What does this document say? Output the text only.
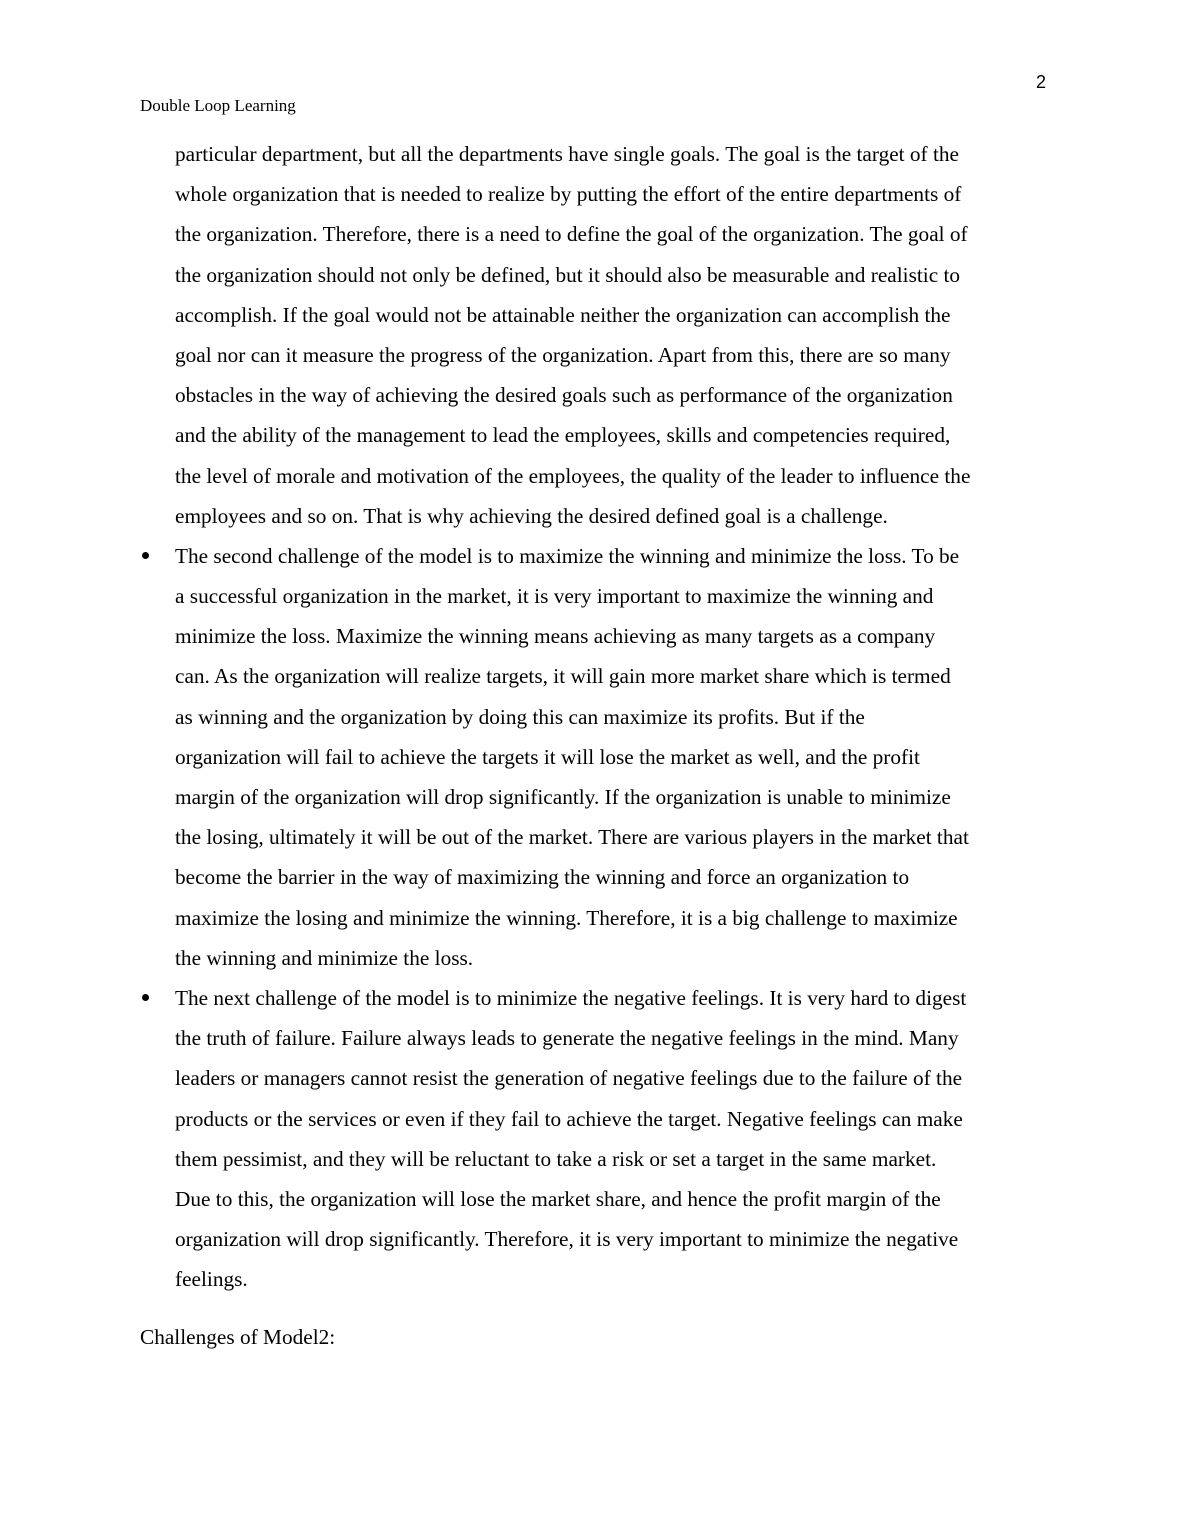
2
Double Loop Learning
particular department, but all the departments have single goals. The goal is the target of the
whole organization that is needed to realize by putting the effort of the entire departments of
the organization. Therefore, there is a need to define the goal of the organization. The goal of
the organization should not only be defined, but it should also be measurable and realistic to
accomplish. If the goal would not be attainable neither the organization can accomplish the
goal nor can it measure the progress of the organization. Apart from this, there are so many
obstacles in the way of achieving the desired goals such as performance of the organization
and the ability of the management to lead the employees, skills and competencies required,
the level of morale and motivation of the employees, the quality of the leader to influence the
employees and so on. That is why achieving the desired defined goal is a challenge.
The second challenge of the model is to maximize the winning and minimize the loss. To be
a successful organization in the market, it is very important to maximize the winning and
minimize the loss. Maximize the winning means achieving as many targets as a company
can. As the organization will realize targets, it will gain more market share which is termed
as winning and the organization by doing this can maximize its profits. But if the
organization will fail to achieve the targets it will lose the market as well, and the profit
margin of the organization will drop significantly. If the organization is unable to minimize
the losing, ultimately it will be out of the market. There are various players in the market that
become the barrier in the way of maximizing the winning and force an organization to
maximize the losing and minimize the winning. Therefore, it is a big challenge to maximize
the winning and minimize the loss.
The next challenge of the model is to minimize the negative feelings. It is very hard to digest
the truth of failure. Failure always leads to generate the negative feelings in the mind. Many
leaders or managers cannot resist the generation of negative feelings due to the failure of the
products or the services or even if they fail to achieve the target. Negative feelings can make
them pessimist, and they will be reluctant to take a risk or set a target in the same market.
Due to this, the organization will lose the market share, and hence the profit margin of the
organization will drop significantly. Therefore, it is very important to minimize the negative
feelings.
Challenges of Model2:
